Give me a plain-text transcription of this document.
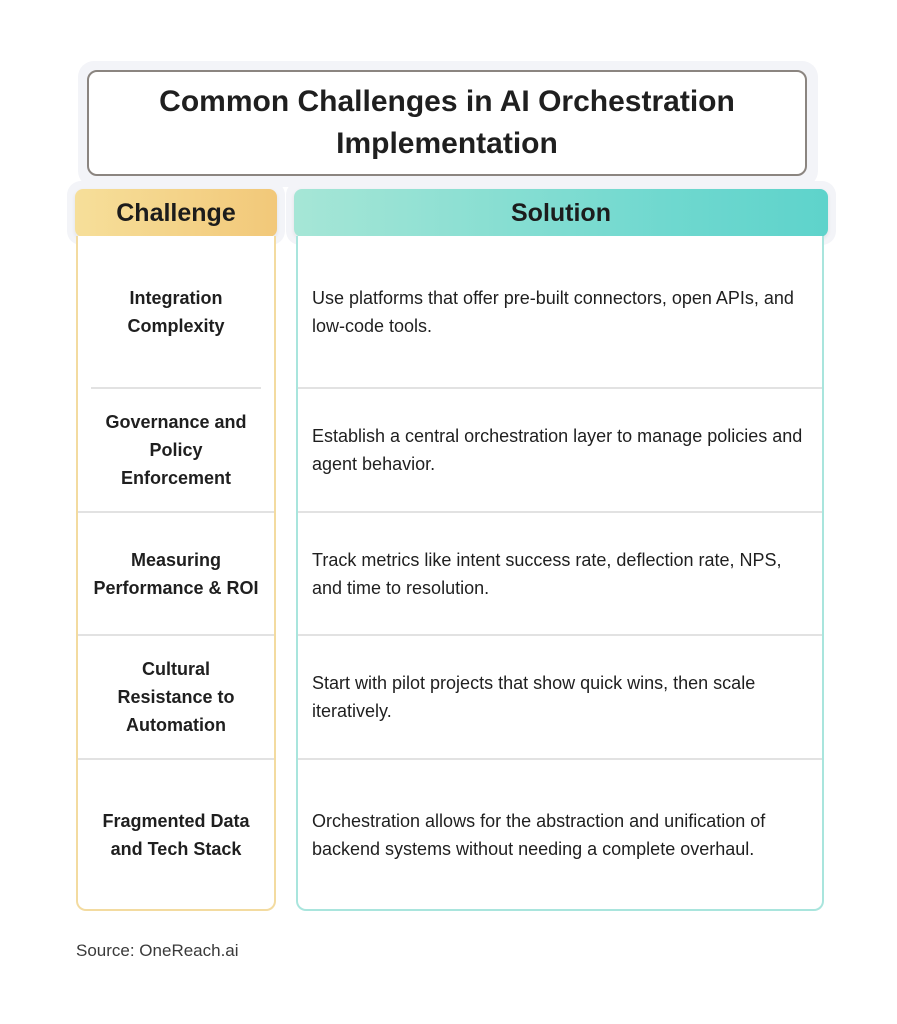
Common Challenges in AI Orchestration Implementation
Challenge	Solution
Integration Complexity
Governance and Policy Enforcement
Measuring Performance & ROI
Cultural Resistance to Automation
Fragmented Data and Tech Stack
Use platforms that offer pre-built connectors, open APIs, and low-code tools.
Establish a central orchestration layer to manage policies and agent behavior.
Track metrics like intent success rate, deflection rate, NPS, and time to resolution.
Start with pilot projects that show quick wins, then scale iteratively.
Orchestration allows for the abstraction and unification of backend systems without needing a complete overhaul.
Source: OneReach.ai
